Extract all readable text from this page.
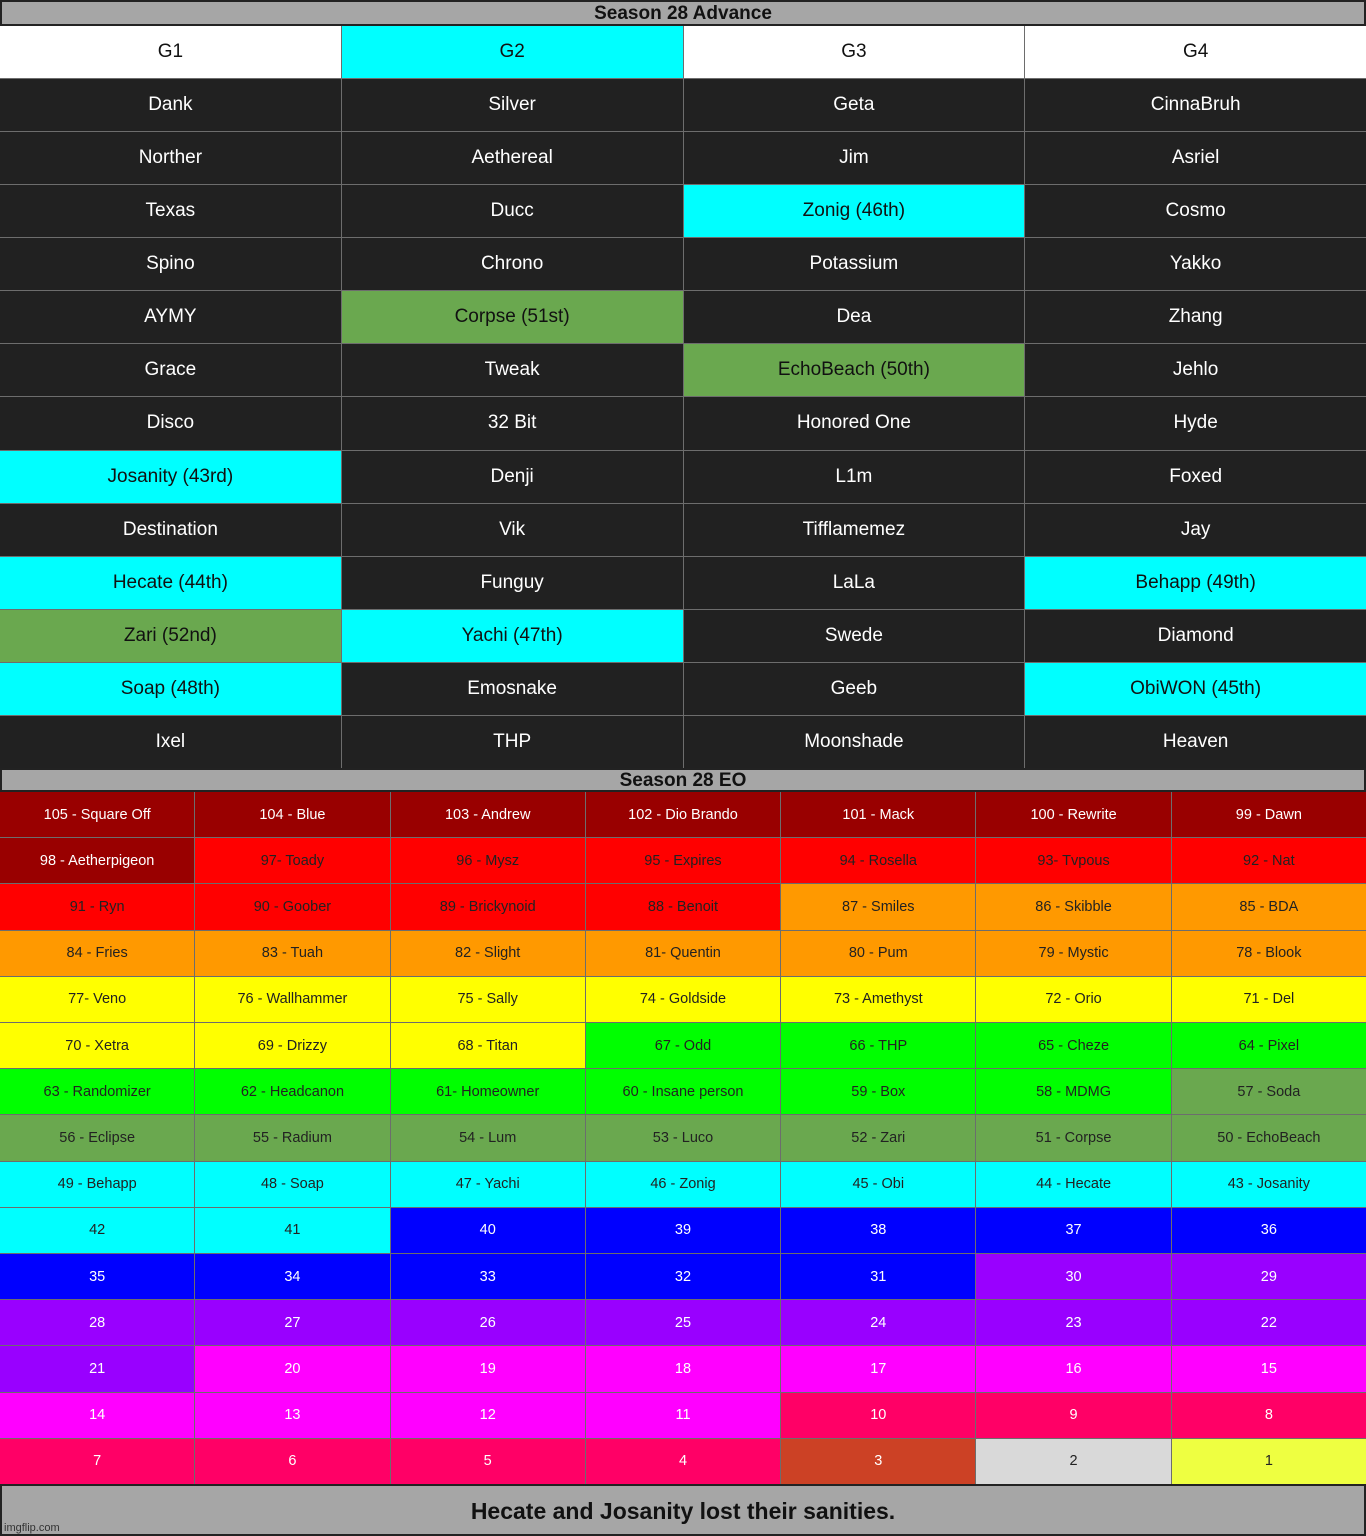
Season 28 Advance
G1	G2	G3	G4
Dank	Silver	Geta	CinnaBruh
Norther	Aethereal	Jim	Asriel
Texas	Ducc	Zonig (46th)	Cosmo
Spino	Chrono	Potassium	Yakko
AYMY	Corpse (51st)	Dea	Zhang
Grace	Tweak	EchoBeach (50th)	Jehlo
Disco	32 Bit	Honored One	Hyde
Josanity (43rd)	Denji	L1m	Foxed
Destination	Vik	Tifflamemez	Jay
Hecate (44th)	Funguy	LaLa	Behapp (49th)
Zari (52nd)	Yachi (47th)	Swede	Diamond
Soap (48th)	Emosnake	Geeb	ObiWON (45th)
Ixel	THP	Moonshade	Heaven
Season 28 EO
105 - Square Off	104 - Blue	103 - Andrew	102 - Dio Brando	101 - Mack	100 - Rewrite	99 - Dawn
98 - Aetherpigeon	97- Toady	96 - Mysz	95 - Expires	94 - Rosella	93- Tvpous	92 - Nat
91 - Ryn	90 - Goober	89 - Brickynoid	88 - Benoit	87 - Smiles	86 - Skibble	85 - BDA
84 - Fries	83 - Tuah	82 - Slight	81- Quentin	80 - Pum	79 - Mystic	78 - Blook
77- Veno	76 - Wallhammer	75 - Sally	74 - Goldside	73 - Amethyst	72 - Orio	71 - Del
70 - Xetra	69 - Drizzy	68 - Titan	67 - Odd	66 - THP	65 - Cheze	64 - Pixel
63 - Randomizer	62 - Headcanon	61- Homeowner	60 - Insane person	59 - Box	58 - MDMG	57 - Soda
56 - Eclipse	55 - Radium	54 - Lum	53 - Luco	52 - Zari	51 - Corpse	50 - EchoBeach
49 - Behapp	48 - Soap	47 - Yachi	46 - Zonig	45 - Obi	44 - Hecate	43 - Josanity
42	41	40	39	38	37	36
35	34	33	32	31	30	29
28	27	26	25	24	23	22
21	20	19	18	17	16	15
14	13	12	11	10	9	8
7	6	5	4	3	2	1
Hecate and Josanity lost their sanities.
imgflip.com
